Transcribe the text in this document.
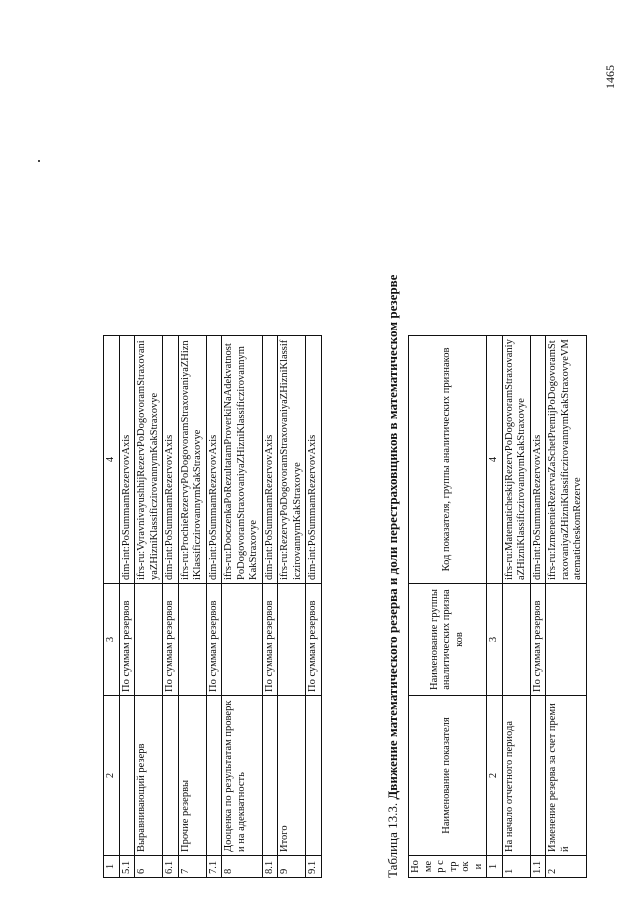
1465
1	2	3	4
5.1		По суммам резервов	dim-int:PoSummamRezervovAxis
6	Выравнивающий резерв		ifrs-ru:VyravnivayushhijRezervPoDogovoramStraxovaniyaZHizniKlassificzirovannymKakStraxovye
6.1		По суммам резервов	dim-int:PoSummamRezervovAxis
7	Прочие резервы		ifrs-ru:ProchieRezervyPoDogovoramStraxovaniyaZHizniKlassificzirovannymKakStraxovye
7.1		По суммам резервов	dim-int:PoSummamRezervovAxis
8	Дооценка по результатам проверки на адекватность		ifrs-ru:DooczenkaPoRezultatamProverkiNaAdekvatnostPoDogovoramStraxovaniyaZHizniKlassificzirovannymKakStraxovye
8.1		По суммам резервов	dim-int:PoSummamRezervovAxis
9	Итого		ifrs-ru:RezervyPoDogovoramStraxovaniyaZHizniKlassificzirovannymKakStraxovye
9.1		По суммам резервов	dim-int:PoSummamRezervovAxis
Таблица 13.3. Движение математического резерва и доли перестраховщиков в математическом резерве
Номер строки	Наименование показателя	Наименование группы аналитических признаков	Код показателя, группы аналитических признаков
1	2	3	4
1	На начало отчетного периода		ifrs-ru:MatematicheskijRezervPoDogovoramStraxovaniyaZHizniKlassificzirovannymKakStraxovye
1.1		По суммам резервов	dim-int:PoSummamRezervovAxis
2	Изменение резерва за счет премий		ifrs-ru:IzmenenieRezervaZaSchetPremijPoDogovoramStraxovaniyaZHizniKlassificzirovannymKakStraxovyeVMatematicheskomRezerve
